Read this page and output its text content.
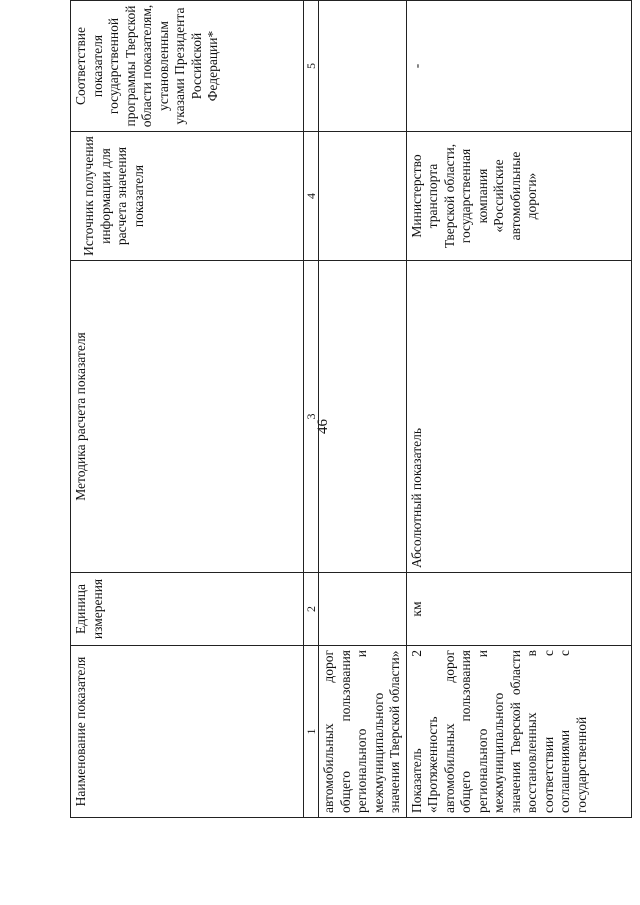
46
Наименование показателя	Единица измерения	Методика расчета показателя	Источник получения информации для расчета значения показателя	Соответствие показателя государственной программы Тверской области показателям, установленным указами Президента Российской Федерации*
1	2	3	4	5
автомобильных дорог общего пользования регионального и межмуниципального значения Тверской области»				
Показатель 2 «Протяженность автомобильных дорог общего пользования регионального и межмуниципального значения Тверской области восстановленных в соответствии с соглашениями с государственной	км	Абсолютный показатель	Министерство транспорта Тверской области, государственная компания «Российские автомобильные дороги»	-
